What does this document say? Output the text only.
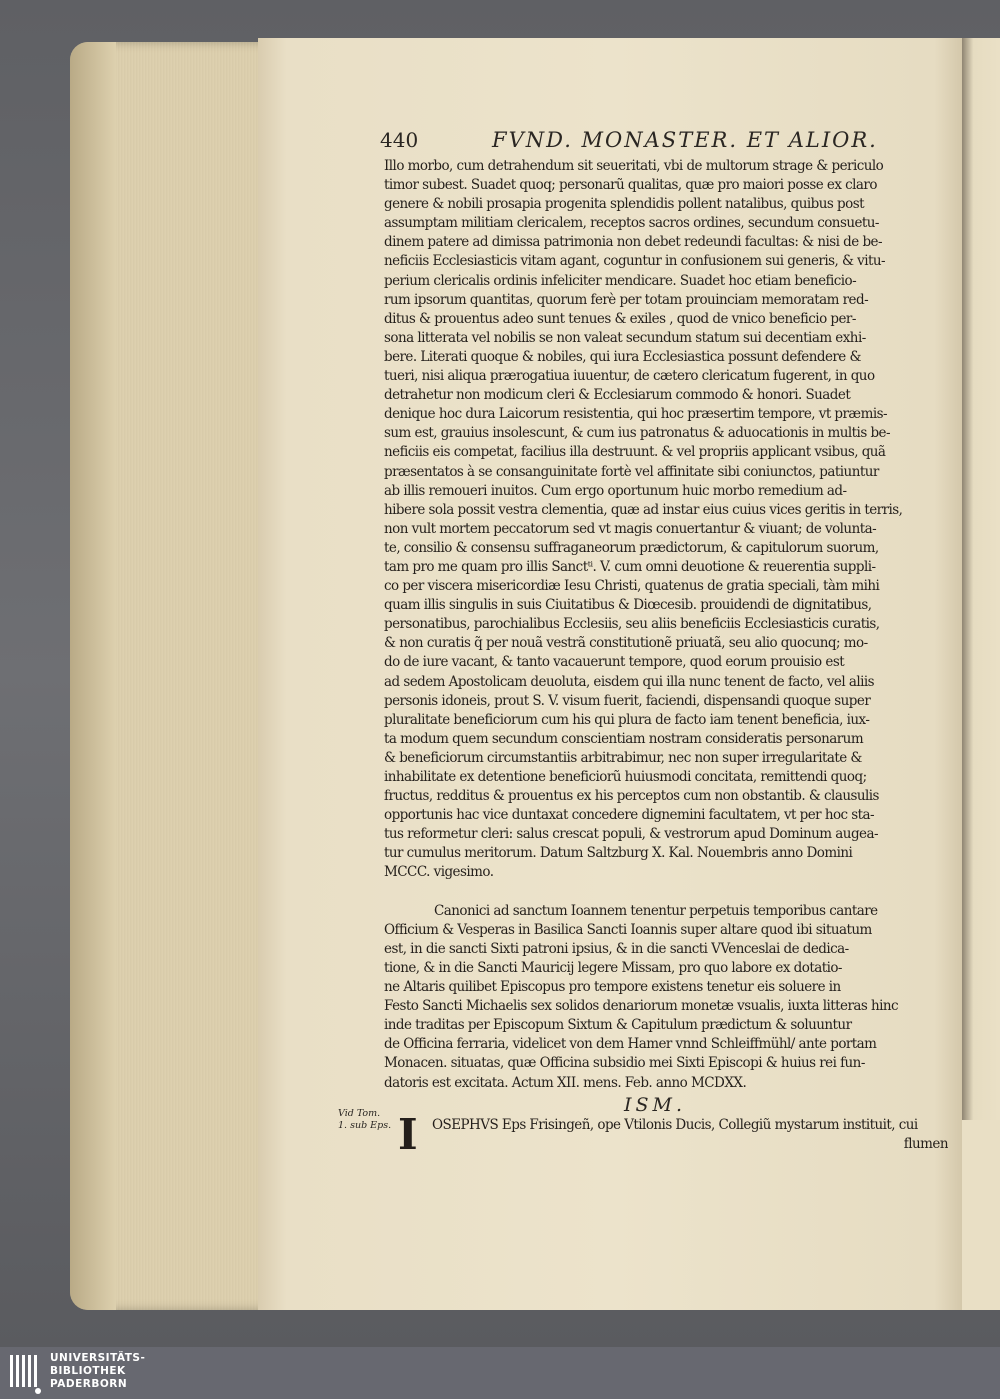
440	FVND. MONASTER. ET ALIOR.
Illo morbo, cum detrahendum sit seueritati, vbi de multorum strage & periculo
timor subest. Suadet quoq; personarũ qualitas, quæ pro maiori posse ex claro
genere & nobili prosapia progenita splendidis pollent natalibus, quibus post
assumptam militiam clericalem, receptos sacros ordines, secundum consuetu-
dinem patere ad dimissa patrimonia non debet redeundi facultas: & nisi de be-
neficiis Ecclesiasticis vitam agant, coguntur in confusionem sui generis, & vitu-
perium clericalis ordinis infeliciter mendicare. Suadet hoc etiam beneficio-
rum ipsorum quantitas, quorum ferè per totam prouinciam memoratam red-
ditus & prouentus adeo sunt tenues & exiles , quod de vnico beneficio per-
sona litterata vel nobilis se non valeat secundum statum sui decentiam exhi-
bere. Literati quoque & nobiles, qui iura Ecclesiastica possunt defendere &
tueri, nisi aliqua prærogatiua iuuentur, de cætero clericatum fugerent, in quo
detrahetur non modicum cleri & Ecclesiarum commodo & honori. Suadet
denique hoc dura Laicorum resistentia, qui hoc præsertim tempore, vt præmis-
sum est, grauius insolescunt, & cum ius patronatus & aduocationis in multis be-
neficiis eis competat, facilius illa destruunt. & vel propriis applicant vsibus, quã
præsentatos à se consanguinitate fortè vel affinitate sibi coniunctos, patiuntur
ab illis remoueri inuitos. Cum ergo oportunum huic morbo remedium ad-
hibere sola possit vestra clementia, quæ ad instar eius cuius vices geritis in terris,
non vult mortem peccatorum sed vt magis conuertantur & viuant; de volunta-
te, consilio & consensu suffraganeorum prædictorum, & capitulorum suorum,
tam pro me quam pro illis Sanctᵗⁱ. V. cum omni deuotione & reuerentia suppli-
co per viscera misericordiæ Iesu Christi, quatenus de gratia speciali, tàm mihi
quam illis singulis in suis Ciuitatibus & Diœcesib. prouidendi de dignitatibus,
personatibus, parochialibus Ecclesiis, seu aliis beneficiis Ecclesiasticis curatis,
& non curatis q̃ per nouã vestrã constitutionẽ priuatã, seu alio quocunq; mo-
do de iure vacant, & tanto vacauerunt tempore, quod eorum prouisio est
ad sedem Apostolicam deuoluta, eisdem qui illa nunc tenent de facto, vel aliis
personis idoneis, prout S. V. visum fuerit, faciendi, dispensandi quoque super
pluralitate beneficiorum cum his qui plura de facto iam tenent beneficia, iux-
ta modum quem secundum conscientiam nostram consideratis personarum
& beneficiorum circumstantiis arbitrabimur, nec non super irregularitate &
inhabilitate ex detentione beneficiorũ huiusmodi concitata, remittendi quoq;
fructus, redditus & prouentus ex his perceptos cum non obstantib. & clausulis
opportunis hac vice duntaxat concedere dignemini facultatem, vt per hoc sta-
tus reformetur cleri: salus crescat populi, & vestrorum apud Dominum augea-
tur cumulus meritorum. Datum Saltzburg X. Kal. Nouembris anno Domini
MCCC. vigesimo.
Canonici ad sanctum Ioannem tenentur perpetuis temporibus cantare
Officium & Vesperas in Basilica Sancti Ioannis super altare quod ibi situatum
est, in die sancti Sixti patroni ipsius, & in die sancti VVenceslai de dedica-
tione, & in die Sancti Mauricij legere Missam, pro quo labore ex dotatio-
ne Altaris quilibet Episcopus pro tempore existens tenetur eis soluere in
Festo Sancti Michaelis sex solidos denariorum monetæ vsualis, iuxta litteras hinc
inde traditas per Episcopum Sixtum & Capitulum prædictum & soluuntur
de Officina ferraria, videlicet von dem Hamer vnnd Schleiffmühl/ ante portam
Monacen. situatas, quæ Officina subsidio mei Sixti Episcopi & huius rei fun-
datoris est excitata. Actum XII. mens. Feb. anno MCDXX.
ISM.
Vid Tom.
1. sub Eps. I OSEPHVS Eps Frisingeñ, ope Vtilonis Ducis, Collegiũ mystarum instituit, cui
flumen
UNIVERSITÄTS-
BIBLIOTHEK
PADERBORN
